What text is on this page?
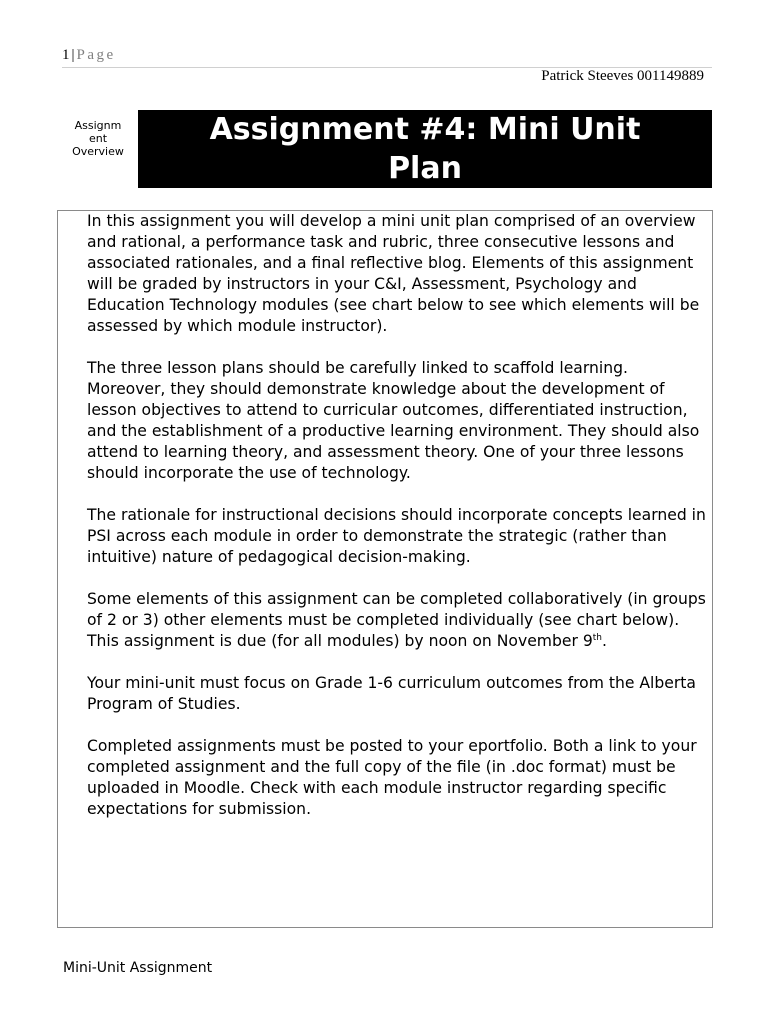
1 | Page
Patrick Steeves 001149889
Assignm
ent
Overview
Assignment #4: Mini Unit
Plan

In this assignment you will develop a mini unit plan comprised of an overview and rational, a performance task and rubric, three consecutive lessons and associated rationales, and a final reflective blog. Elements of this assignment will be graded by instructors in your C&I, Assessment, Psychology and Education Technology modules (see chart below to see which elements will be assessed by which module instructor).

The three lesson plans should be carefully linked to scaffold learning. Moreover, they should demonstrate knowledge about the development of lesson objectives to attend to curricular outcomes, differentiated instruction, and the establishment of a productive learning environment. They should also attend to learning theory, and assessment theory. One of your three lessons should incorporate the use of technology.

The rationale for instructional decisions should incorporate concepts learned in PSI across each module in order to demonstrate the strategic (rather than intuitive) nature of pedagogical decision-making.

Some elements of this assignment can be completed collaboratively (in groups of 2 or 3) other elements must be completed individually (see chart below). This assignment is due (for all modules) by noon on November 9th.

Your mini-unit must focus on Grade 1-6 curriculum outcomes from the Alberta Program of Studies.

Completed assignments must be posted to your eportfolio. Both a link to your completed assignment and the full copy of the file (in .doc format) must be uploaded in Moodle. Check with each module instructor regarding specific expectations for submission.

Mini-Unit Assignment
